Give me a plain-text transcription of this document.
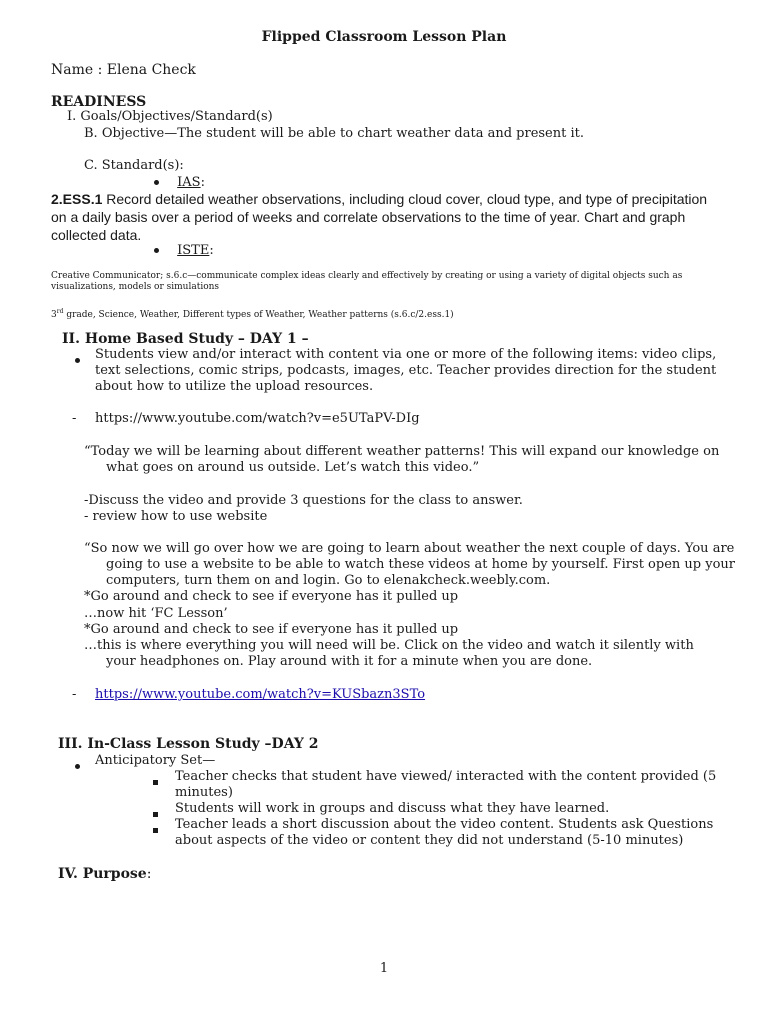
Flipped Classroom Lesson Plan
Name : Elena Check
READINESS
I. Goals/Objectives/Standard(s)
B. Objective—The student will be able to chart weather data and present it.
C. Standard(s):
IAS:
2.ESS.1 Record detailed weather observations, including cloud cover, cloud type, and type of precipitation on a daily basis over a period of weeks and correlate observations to the time of year. Chart and graph collected data.
ISTE:
Creative Communicator; s.6.c—communicate complex ideas clearly and effectively by creating or using a variety of digital objects such as visualizations, models or simulations
3rd grade, Science, Weather, Different types of Weather, Weather patterns (s.6.c/2.ess.1)
II. Home Based Study – DAY 1 –
Students view and/or interact with content via one or more of the following items: video clips, text selections, comic strips, podcasts, images, etc. Teacher provides direction for the student about how to utilize the upload resources.
- https://www.youtube.com/watch?v=e5UTaPV-DIg
“Today we will be learning about different weather patterns! This will expand our knowledge on what goes on around us outside. Let’s watch this video.”
-Discuss the video and provide 3 questions for the class to answer.
- review how to use website
“So now we will go over how we are going to learn about weather the next couple of days. You are going to use a website to be able to watch these videos at home by yourself. First open up your computers, turn them on and login. Go to elenakcheck.weebly.com.
*Go around and check to see if everyone has it pulled up
…now hit ‘FC Lesson’
*Go around and check to see if everyone has it pulled up
…this is where everything you will need will be. Click on the video and watch it silently with your headphones on. Play around with it for a minute when you are done.
- https://www.youtube.com/watch?v=KUSbazn3STo
III. In-Class Lesson Study –DAY 2
Anticipatory Set—
Teacher checks that student have viewed/ interacted with the content provided (5 minutes)
Students will work in groups and discuss what they have learned.
Teacher leads a short discussion about the video content. Students ask Questions about aspects of the video or content they did not understand (5-10 minutes)
IV. Purpose:
1
